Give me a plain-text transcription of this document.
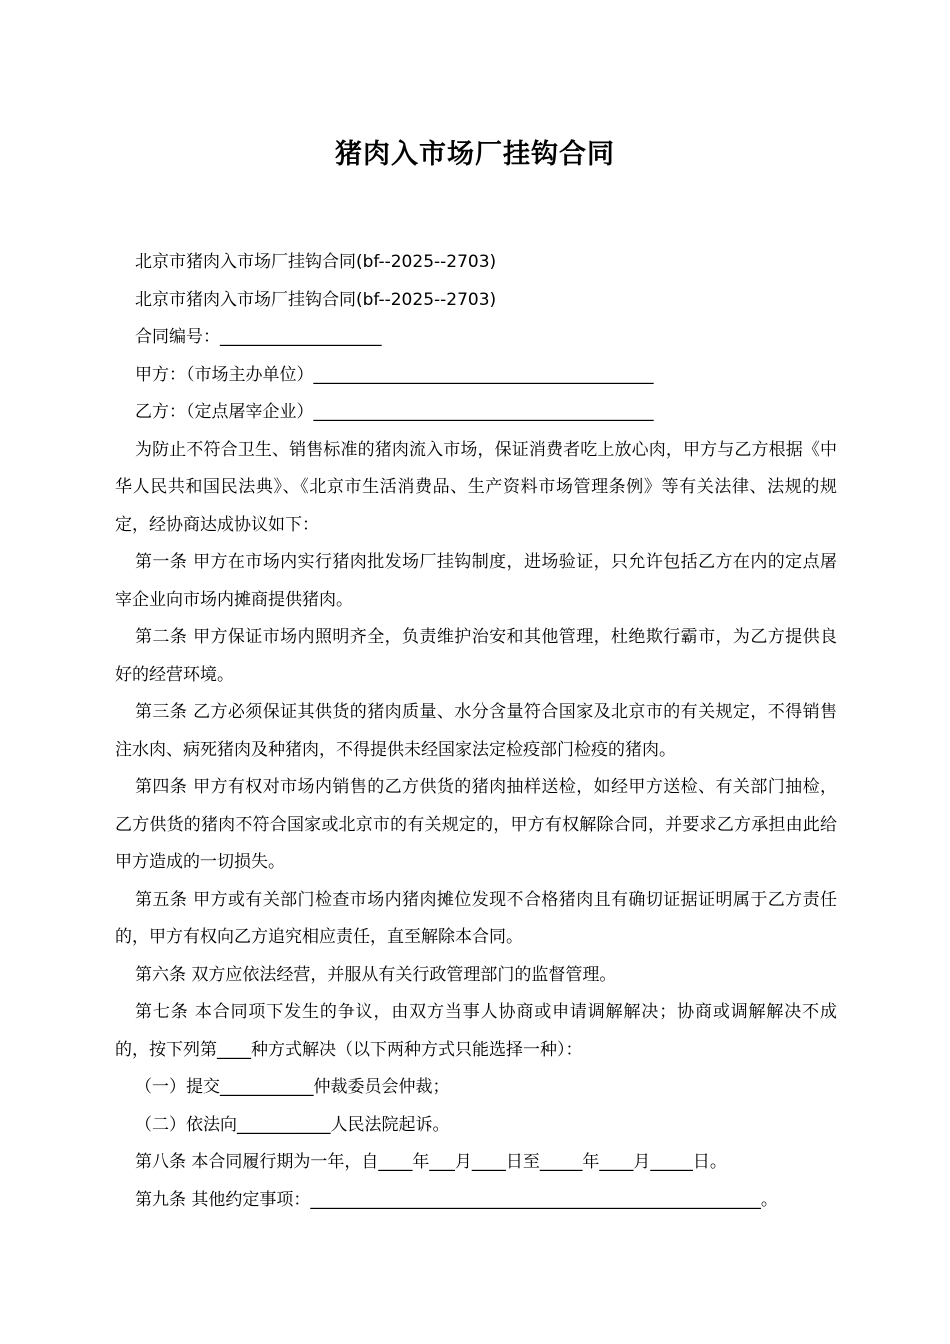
猪肉入市场厂挂钩合同

北京市猪肉入市场厂挂钩合同(bf--2025--2703)

北京市猪肉入市场厂挂钩合同(bf--2025--2703)

合同编号：___________________

甲方：（市场主办单位）________________________________________

乙方：（定点屠宰企业）________________________________________

为防止不符合卫生、销售标准的猪肉流入市场，保证消费者吃上放心肉，甲方与乙方根据《中华人民共和国民法典》、《北京市生活消费品、生产资料市场管理条例》等有关法律、法规的规定，经协商达成协议如下：

第一条 甲方在市场内实行猪肉批发场厂挂钩制度，进场验证，只允许包括乙方在内的定点屠宰企业向市场内摊商提供猪肉。

第二条 甲方保证市场内照明齐全，负责维护治安和其他管理，杜绝欺行霸市，为乙方提供良好的经营环境。

第三条 乙方必须保证其供货的猪肉质量、水分含量符合国家及北京市的有关规定，不得销售注水肉、病死猪肉及种猪肉，不得提供未经国家法定检疫部门检疫的猪肉。

第四条 甲方有权对市场内销售的乙方供货的猪肉抽样送检，如经甲方送检、有关部门抽检，乙方供货的猪肉不符合国家或北京市的有关规定的，甲方有权解除合同，并要求乙方承担由此给甲方造成的一切损失。

第五条 甲方或有关部门检查市场内猪肉摊位发现不合格猪肉且有确切证据证明属于乙方责任的，甲方有权向乙方追究相应责任，直至解除本合同。

第六条 双方应依法经营，并服从有关行政管理部门的监督管理。

第七条 本合同项下发生的争议，由双方当事人协商或申请调解解决；协商或调解解决不成的，按下列第____种方式解决（以下两种方式只能选择一种）：

（一）提交___________仲裁委员会仲裁；

（二）依法向___________人民法院起诉。

第八条 本合同履行期为一年，自____年___月____日至_____年____月_____日。

第九条 其他约定事项：_____________________________________________________。
